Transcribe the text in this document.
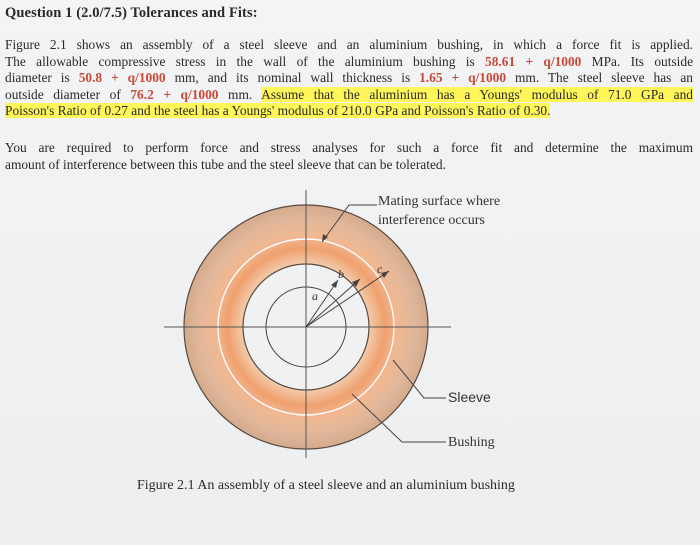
Question 1 (2.0/7.5) Tolerances and Fits:
Figure 2.1 shows an assembly of a steel sleeve and an aluminium bushing, in which a force fit is applied.
The allowable compressive stress in the wall of the aluminium bushing is 58.61 + q/1000 MPa. Its outside
diameter is 50.8 + q/1000 mm, and its nominal wall thickness is 1.65 + q/1000 mm. The steel sleeve has an
outside diameter of 76.2 + q/1000 mm. Assume that the aluminium has a Youngs' modulus of 71.0 GPa and
Poisson's Ratio of 0.27 and the steel has a Youngs' modulus of 210.0 GPa and Poisson's Ratio of 0.30.
You are required to perform force and stress analyses for such a force fit and determine the maximum
amount of interference between this tube and the steel sleeve that can be tolerated.
a
b	c
Mating surface where
interference occurs
Sleeve
Bushing
Figure 2.1 An assembly of a steel sleeve and an aluminium bushing
